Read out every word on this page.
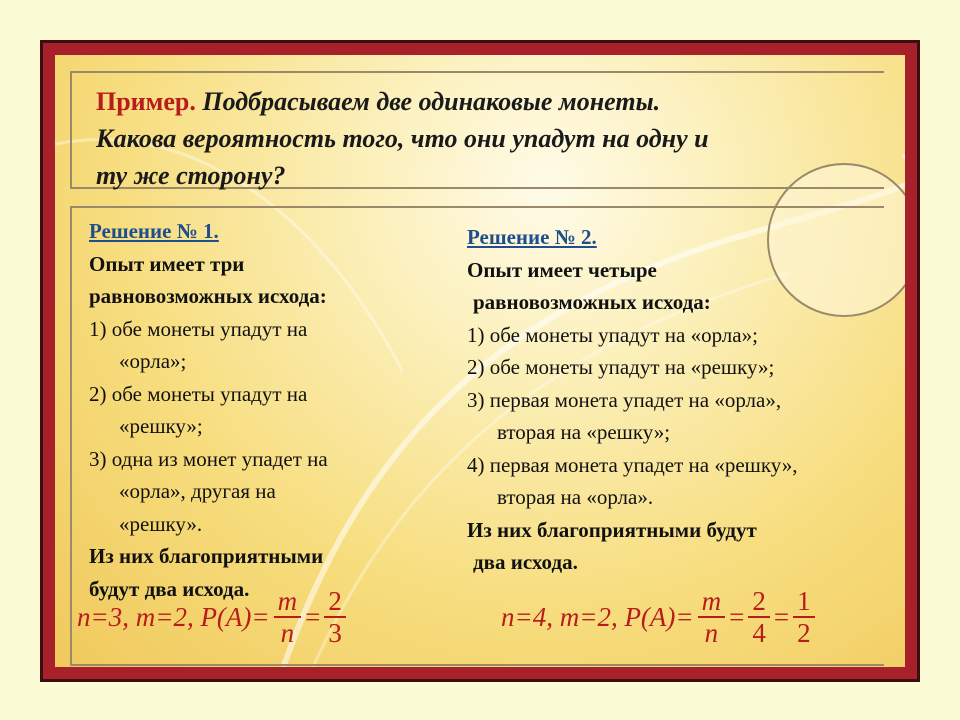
Пример. Подбрасываем две одинаковые монеты.
Какова вероятность того, что они упадут на одну и
ту же сторону?
Решение № 1.
Опыт имеет три
равновозможных исхода:
1) обе монеты упадут на
«орла»;
2) обе монеты упадут на
«решку»;
3) одна из монет упадет на
«орла», другая на
«решку».
Из них благоприятными
будут два исхода.
Решение № 2.
Опыт имеет четыре
равновозможных исхода:
1) обе монеты упадут на «орла»;
2) обе монеты упадут на «решку»;
3) первая монета упадет на «орла»,
вторая на «решку»;
4) первая монета упадет на «решку»,
вторая на «орла».
Из них благоприятными будут
два исхода.
n=3, m=2, $P(A)= \frac{m}{n} = \frac{2}{3}$	n=4, m=2, $P(A)= \frac{m}{n} = \frac{2}{4} = \frac{1}{2}$
